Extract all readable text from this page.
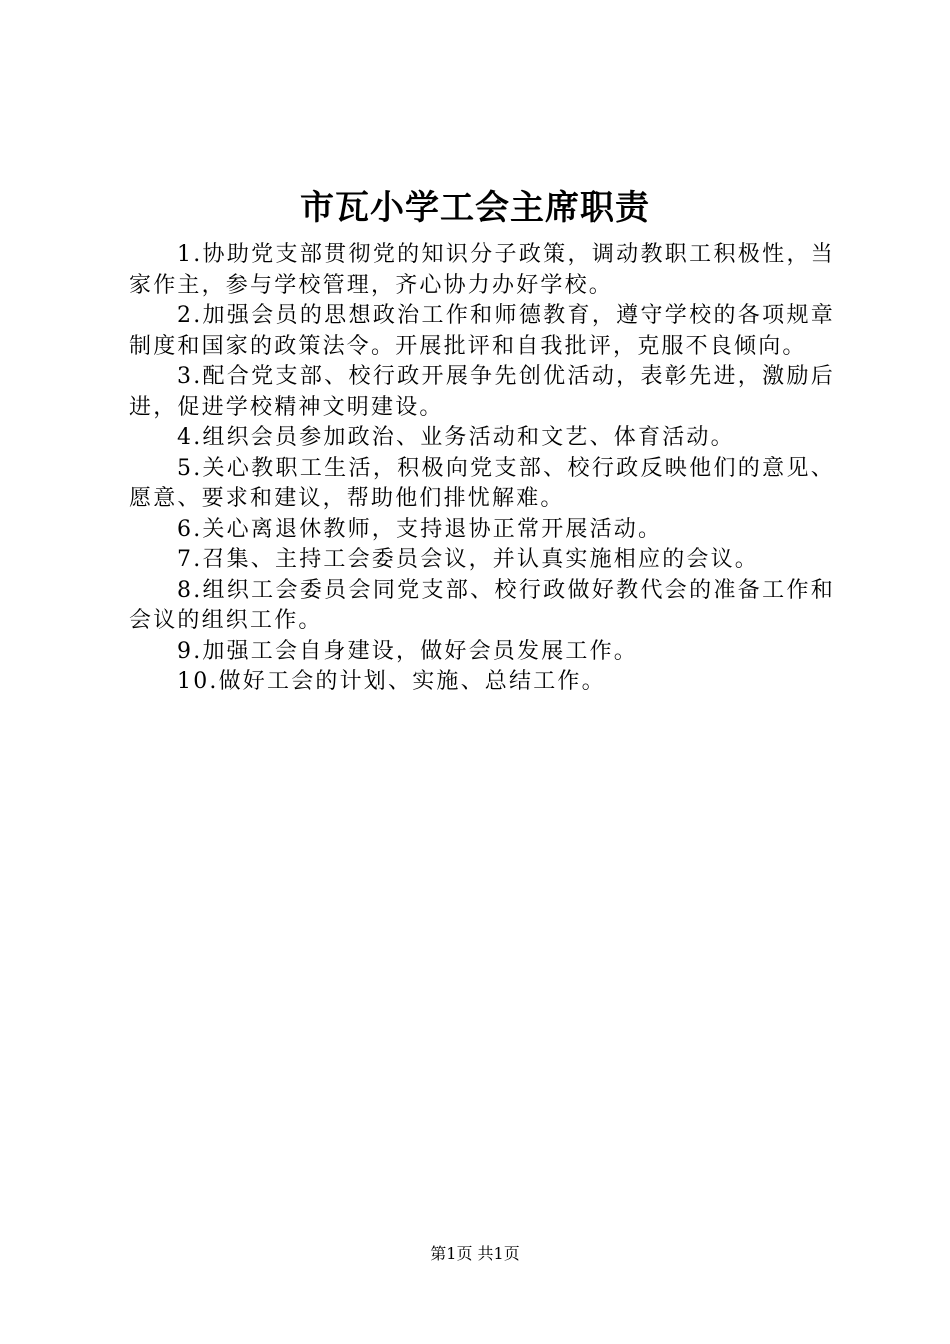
市瓦小学工会主席职责

1.协助党支部贯彻党的知识分子政策，调动教职工积极性，当家作主，参与学校管理，齐心协力办好学校。

2.加强会员的思想政治工作和师德教育，遵守学校的各项规章制度和国家的政策法令。开展批评和自我批评，克服不良倾向。

3.配合党支部、校行政开展争先创优活动，表彰先进，激励后进，促进学校精神文明建设。

4.组织会员参加政治、业务活动和文艺、体育活动。

5.关心教职工生活，积极向党支部、校行政反映他们的意见、愿意、要求和建议，帮助他们排忧解难。

6.关心离退休教师，支持退协正常开展活动。

7.召集、主持工会委员会议，并认真实施相应的会议。

8.组织工会委员会同党支部、校行政做好教代会的准备工作和会议的组织工作。

9.加强工会自身建设，做好会员发展工作。

10.做好工会的计划、实施、总结工作。

第1页 共1页
